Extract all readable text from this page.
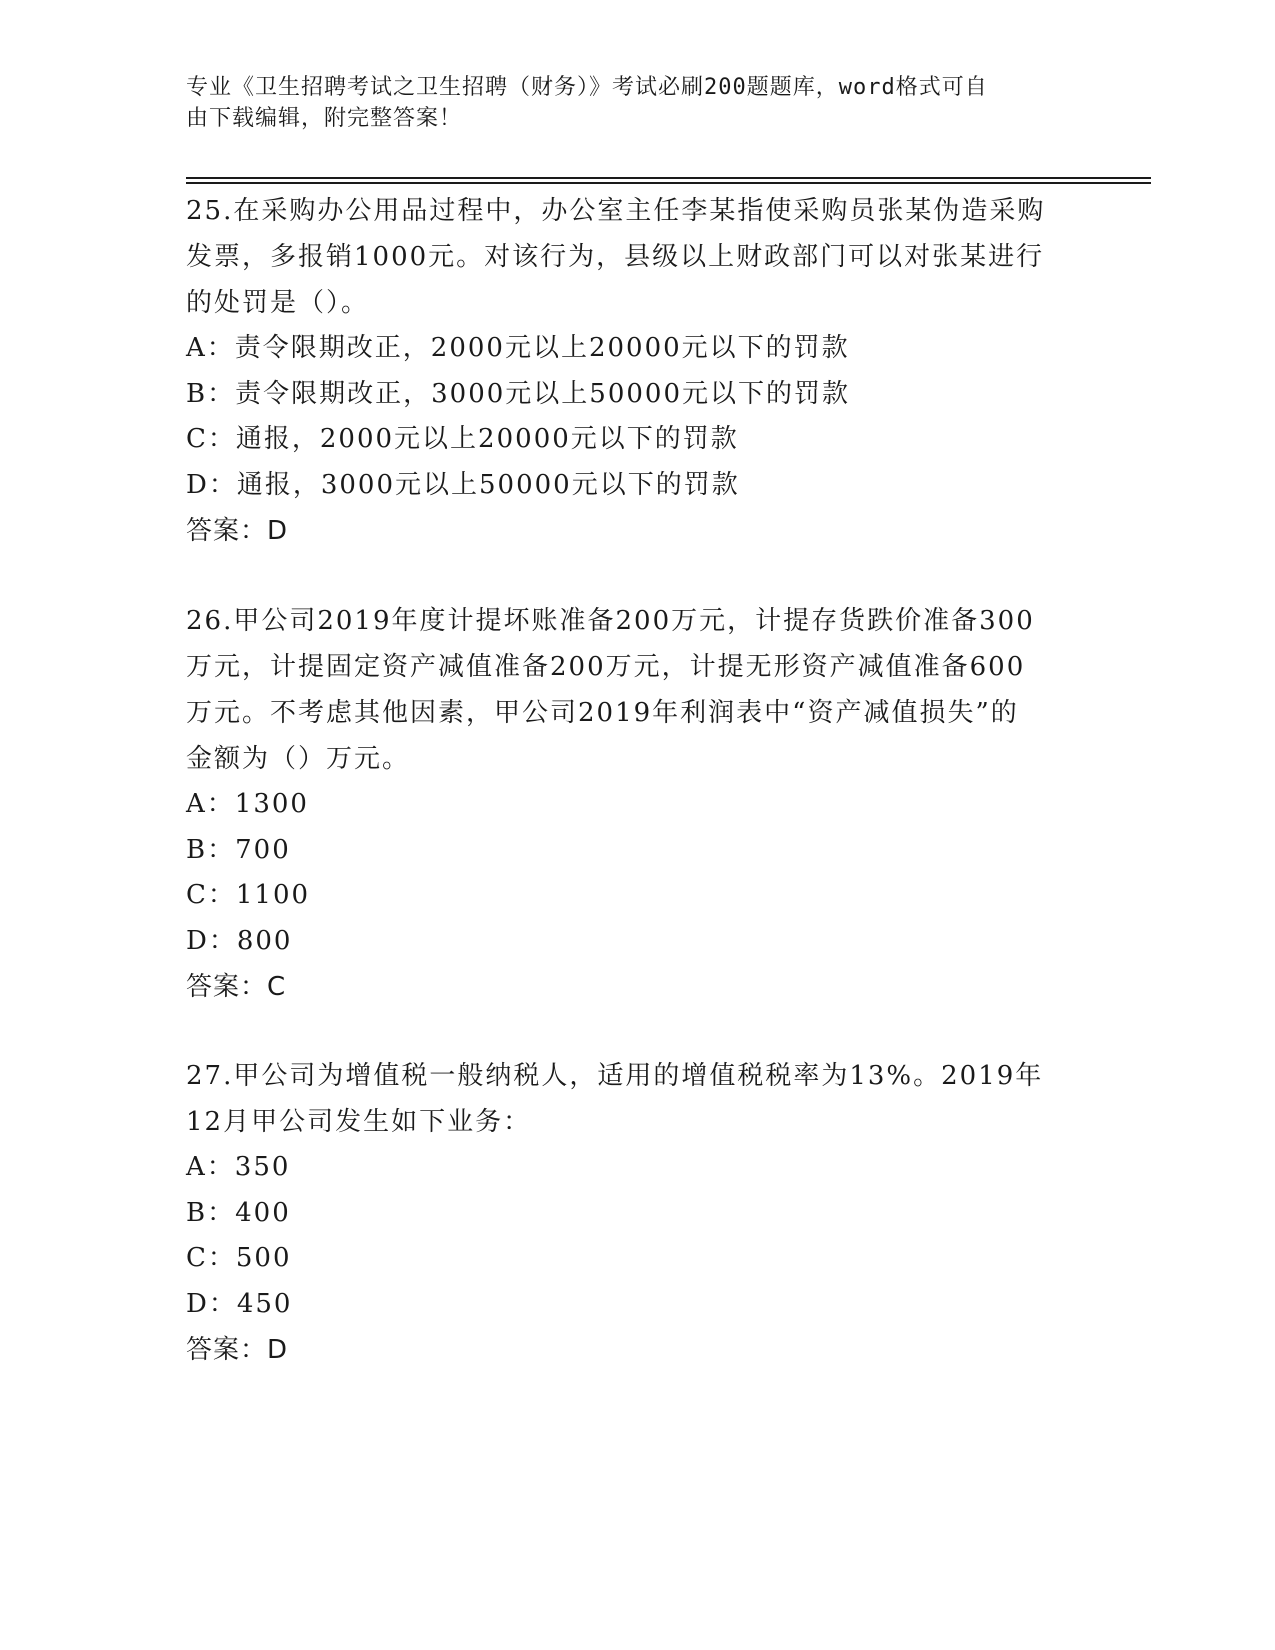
专业《卫生招聘考试之卫生招聘（财务）》考试必刷200题题库，word格式可自
由下载编辑，附完整答案！

25.在采购办公用品过程中，办公室主任李某指使采购员张某伪造采购

发票，多报销1000元。对该行为，县级以上财政部门可以对张某进行

的处罚是（）。

A：责令限期改正，2000元以上20000元以下的罚款

B：责令限期改正，3000元以上50000元以下的罚款

C：通报，2000元以上20000元以下的罚款

D：通报，3000元以上50000元以下的罚款

答案：D

26.甲公司2019年度计提坏账准备200万元，计提存货跌价准备300

万元，计提固定资产减值准备200万元，计提无形资产减值准备600

万元。不考虑其他因素，甲公司2019年利润表中“资产减值损失”的

金额为（）万元。

A：1300

B：700

C：1100

D：800

答案：C

27.甲公司为增值税一般纳税人，适用的增值税税率为13%。2019年

12月甲公司发生如下业务：

A：350

B：400

C：500

D：450

答案：D
